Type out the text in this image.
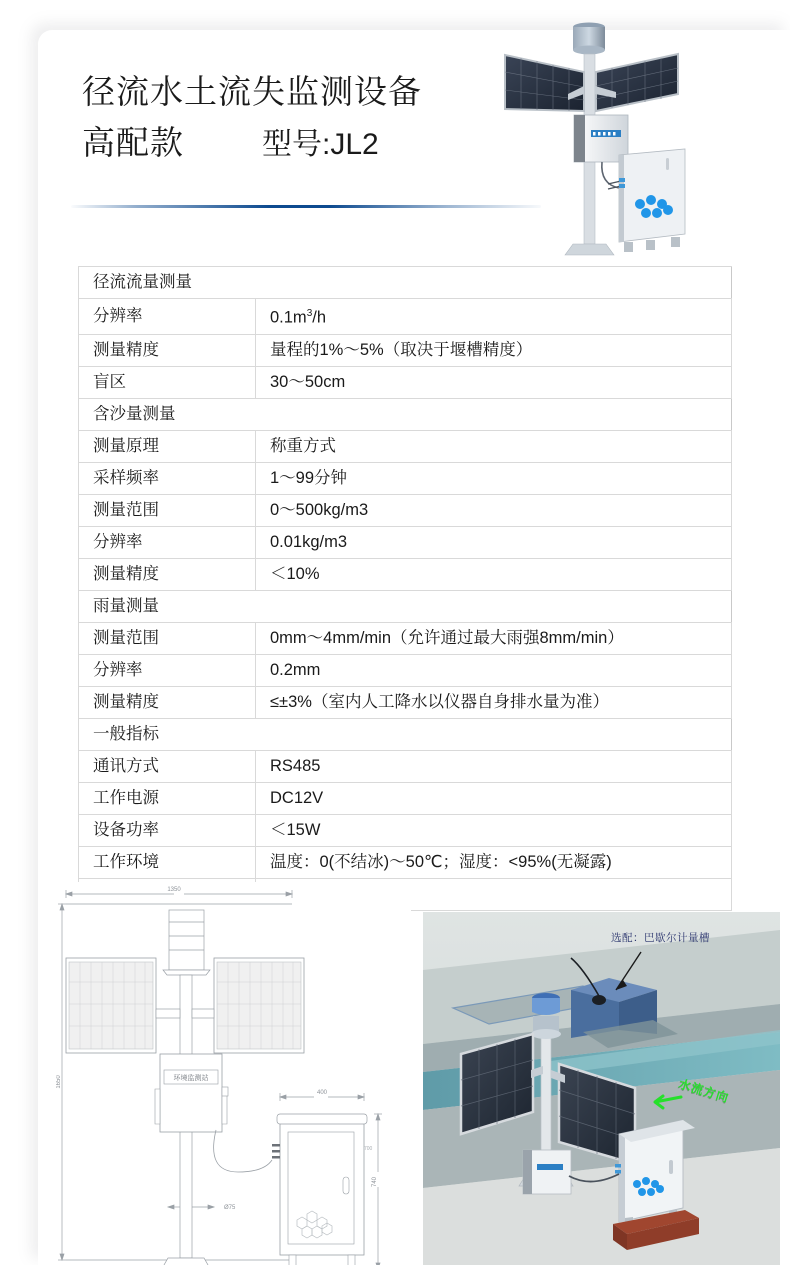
径流水土流失监测设备
高配款	型号:JL2
径流流量测量	
分辨率	$0.1m^3/h$
测量精度	量程的1%～5%（取决于堰槽精度）
盲区	30～50cm
含沙量测量	
测量原理	称重方式
采样频率	1～99分钟
测量范围	0～500kg/m3
分辨率	0.01kg/m3
测量精度	＜10%
雨量测量	
测量范围	0mm～4mm/min（允许通过最大雨强8mm/min）
分辨率	0.2mm
测量精度	≤±3%（室内人工降水以仪器自身排水量为准）
一般指标	
通讯方式	RS485
工作电源	DC12V
设备功率	＜15W
工作环境	温度：0(不结冰)～50℃；湿度：<95%(无凝露)

1350
1650	环境监测站
Ø75
400
740
700
选配：巴歇尔计量槽
水流方向
